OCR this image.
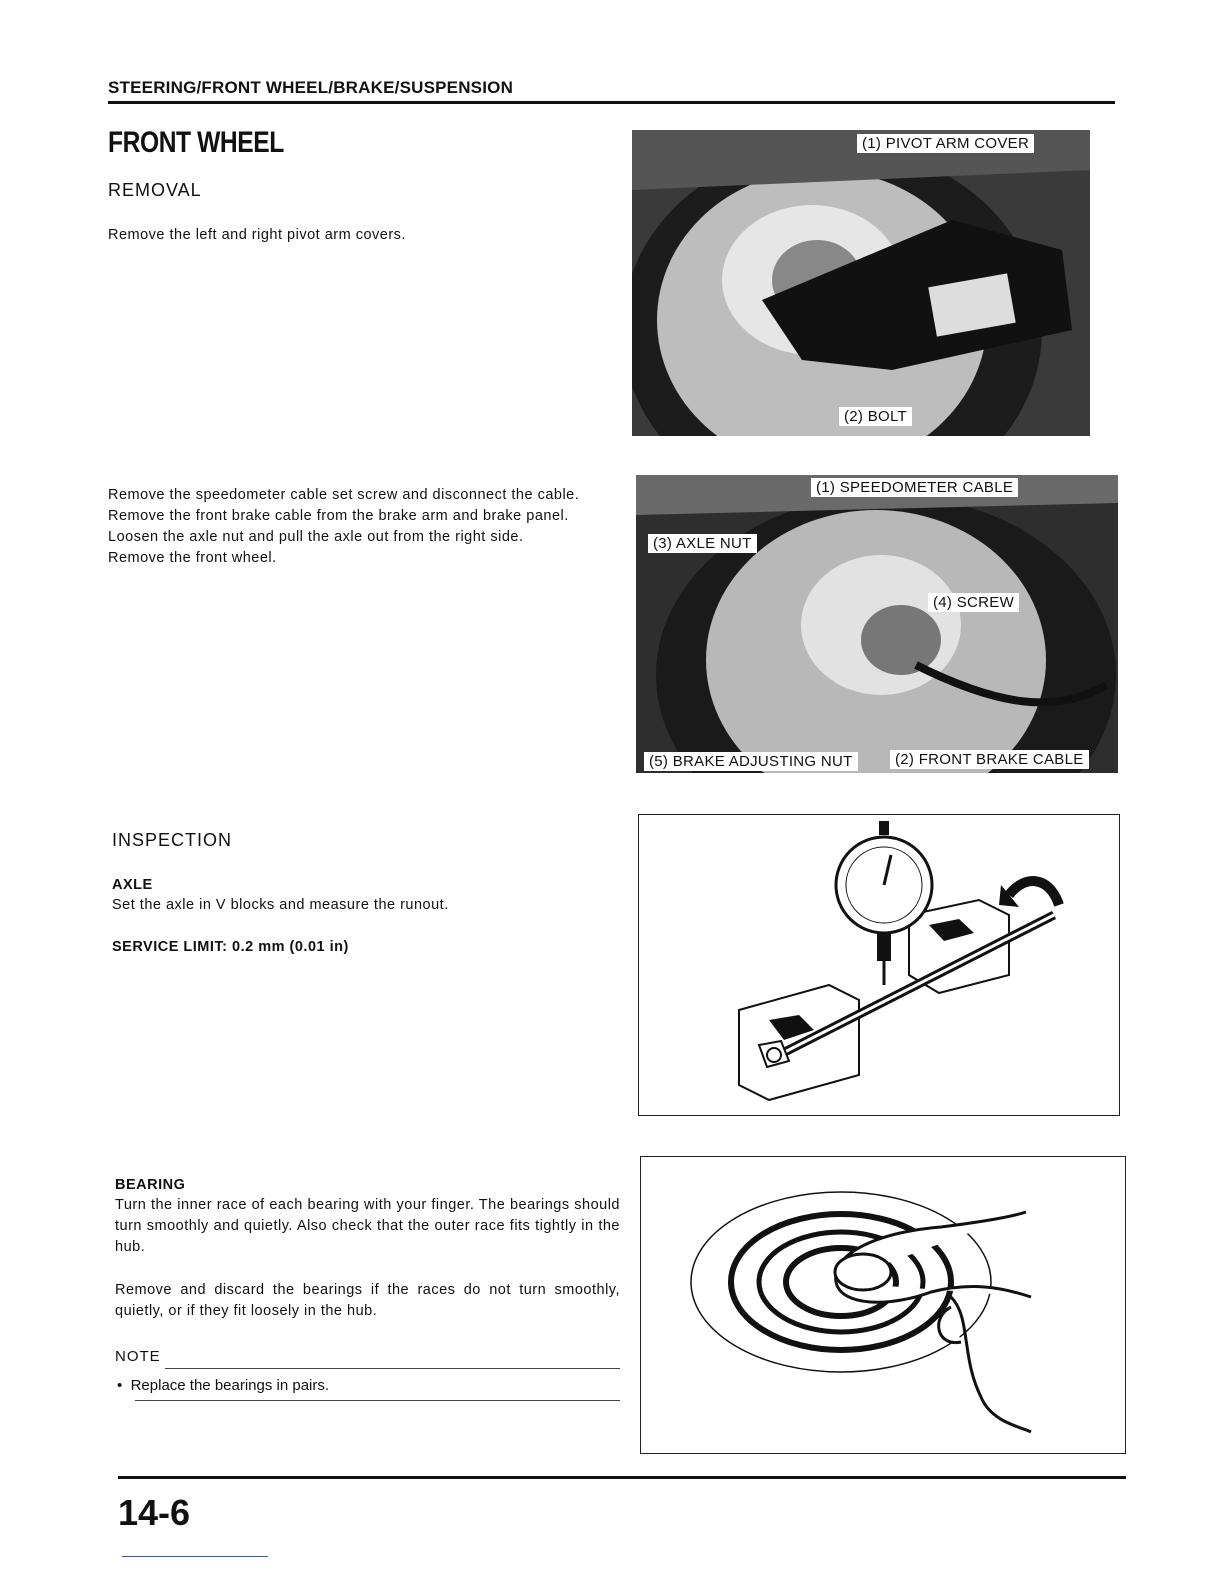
STEERING/FRONT WHEEL/BRAKE/SUSPENSION
FRONT WHEEL
REMOVAL
Remove the left and right pivot arm covers.
(1) PIVOT ARM COVER
(2) BOLT
Remove the speedometer cable set screw and disconnect the cable.
Remove the front brake cable from the brake arm and brake panel.
Loosen the axle nut and pull the axle out from the right side.
Remove the front wheel.
(1) SPEEDOMETER CABLE
(3) AXLE NUT
(4) SCREW
(5) BRAKE ADJUSTING NUT	(2) FRONT BRAKE CABLE
INSPECTION
AXLE
Set the axle in V blocks and measure the runout.
SERVICE LIMIT: 0.2 mm (0.01 in)
BEARING
Turn the inner race of each bearing with your finger. The bearings should turn smoothly and quietly. Also check that the outer race fits tightly in the hub.
Remove and discard the bearings if the races do not turn smoothly, quietly, or if they fit loosely in the hub.
NOTE
•  Replace the bearings in pairs.
14-6
